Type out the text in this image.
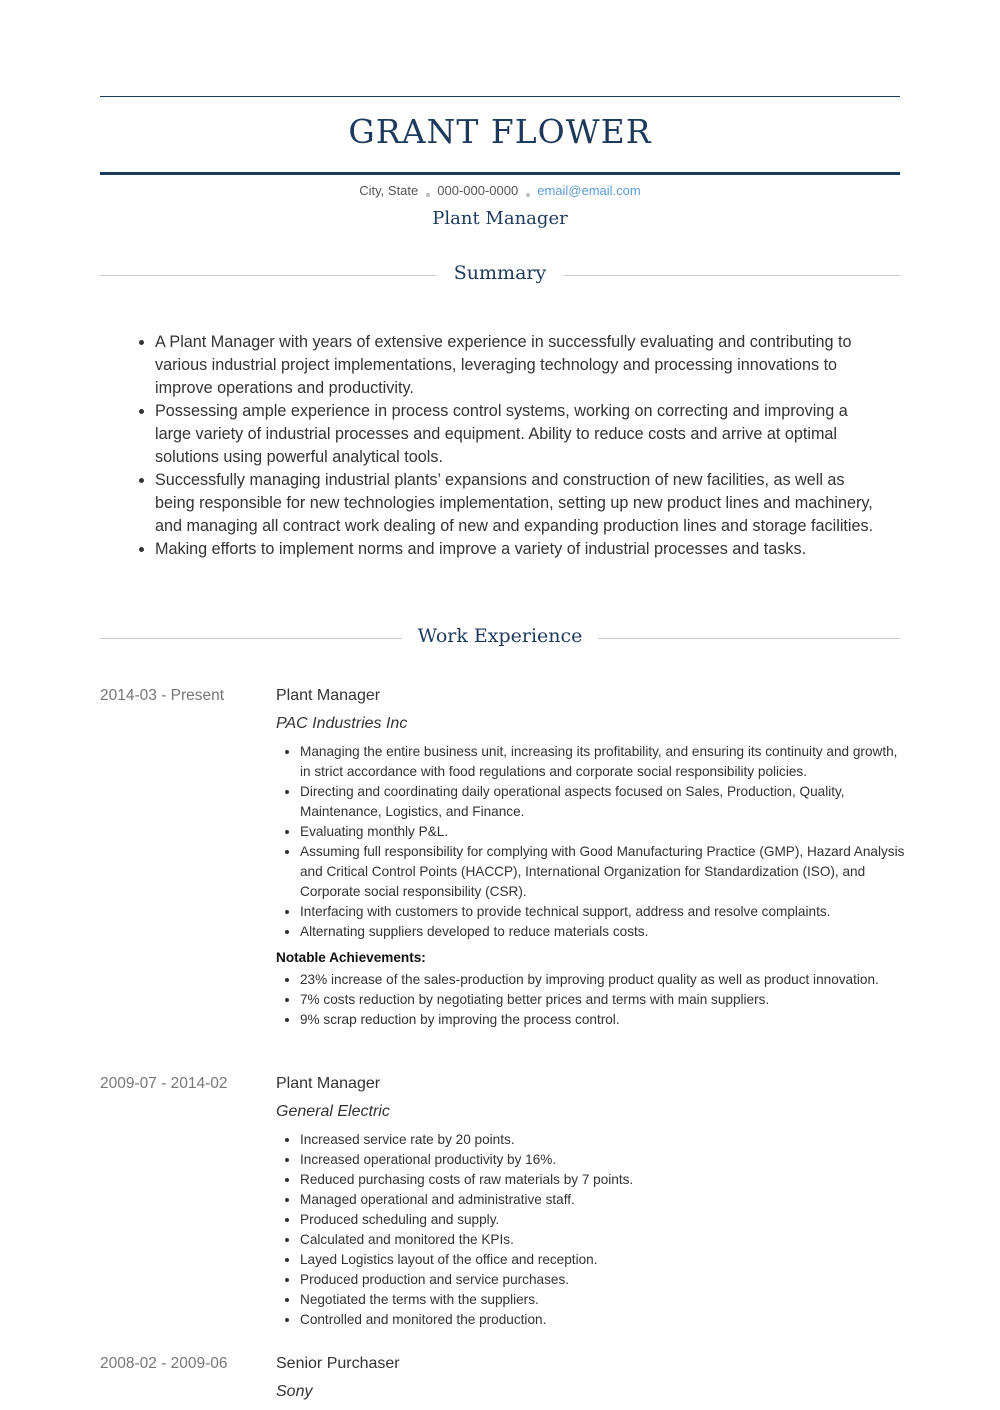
GRANT FLOWER
City, State 000-000-0000 email@email.com
Plant Manager
Summary
• A Plant Manager with years of extensive experience in successfully evaluating and contributing to various industrial project implementations, leveraging technology and processing innovations to improve operations and productivity.
• Possessing ample experience in process control systems, working on correcting and improving a large variety of industrial processes and equipment. Ability to reduce costs and arrive at optimal solutions using powerful analytical tools.
• Successfully managing industrial plants’ expansions and construction of new facilities, as well as being responsible for new technologies implementation, setting up new product lines and machinery, and managing all contract work dealing of new and expanding production lines and storage facilities.
• Making efforts to implement norms and improve a variety of industrial processes and tasks.
Work Experience
2014-03 - Present	Plant Manager
PAC Industries Inc
• Managing the entire business unit, increasing its profitability, and ensuring its continuity and growth, in strict accordance with food regulations and corporate social responsibility policies.
• Directing and coordinating daily operational aspects focused on Sales, Production, Quality, Maintenance, Logistics, and Finance.
• Evaluating monthly P&L.
• Assuming full responsibility for complying with Good Manufacturing Practice (GMP), Hazard Analysis and Critical Control Points (HACCP), International Organization for Standardization (ISO), and Corporate social responsibility (CSR).
• Interfacing with customers to provide technical support, address and resolve complaints.
• Alternating suppliers developed to reduce materials costs.
Notable Achievements:
• 23% increase of the sales-production by improving product quality as well as product innovation.
• 7% costs reduction by negotiating better prices and terms with main suppliers.
• 9% scrap reduction by improving the process control.
2009-07 - 2014-02	Plant Manager
General Electric
• Increased service rate by 20 points.
• Increased operational productivity by 16%.
• Reduced purchasing costs of raw materials by 7 points.
• Managed operational and administrative staff.
• Produced scheduling and supply.
• Calculated and monitored the KPIs.
• Layed Logistics layout of the office and reception.
• Produced production and service purchases.
• Negotiated the terms with the suppliers.
• Controlled and monitored the production.
2008-02 - 2009-06	Senior Purchaser
Sony
